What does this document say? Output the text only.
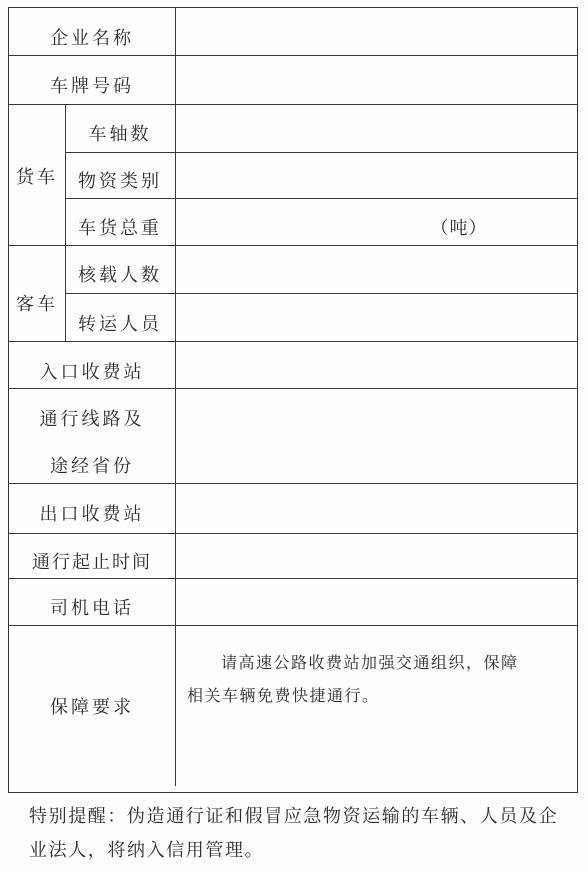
企业名称
车牌号码
货车
车轴数
物资类别
车货总重	（吨）
客车
核载人数
转运人员
入口收费站
通行线路及
途经省份
出口收费站
通行起止时间
司机电话
保障要求
请高速公路收费站加强交通组织，保障
相关车辆免费快捷通行。
特别提醒：伪造通行证和假冒应急物资运输的车辆、人员及企业法人，将纳入信用管理。
